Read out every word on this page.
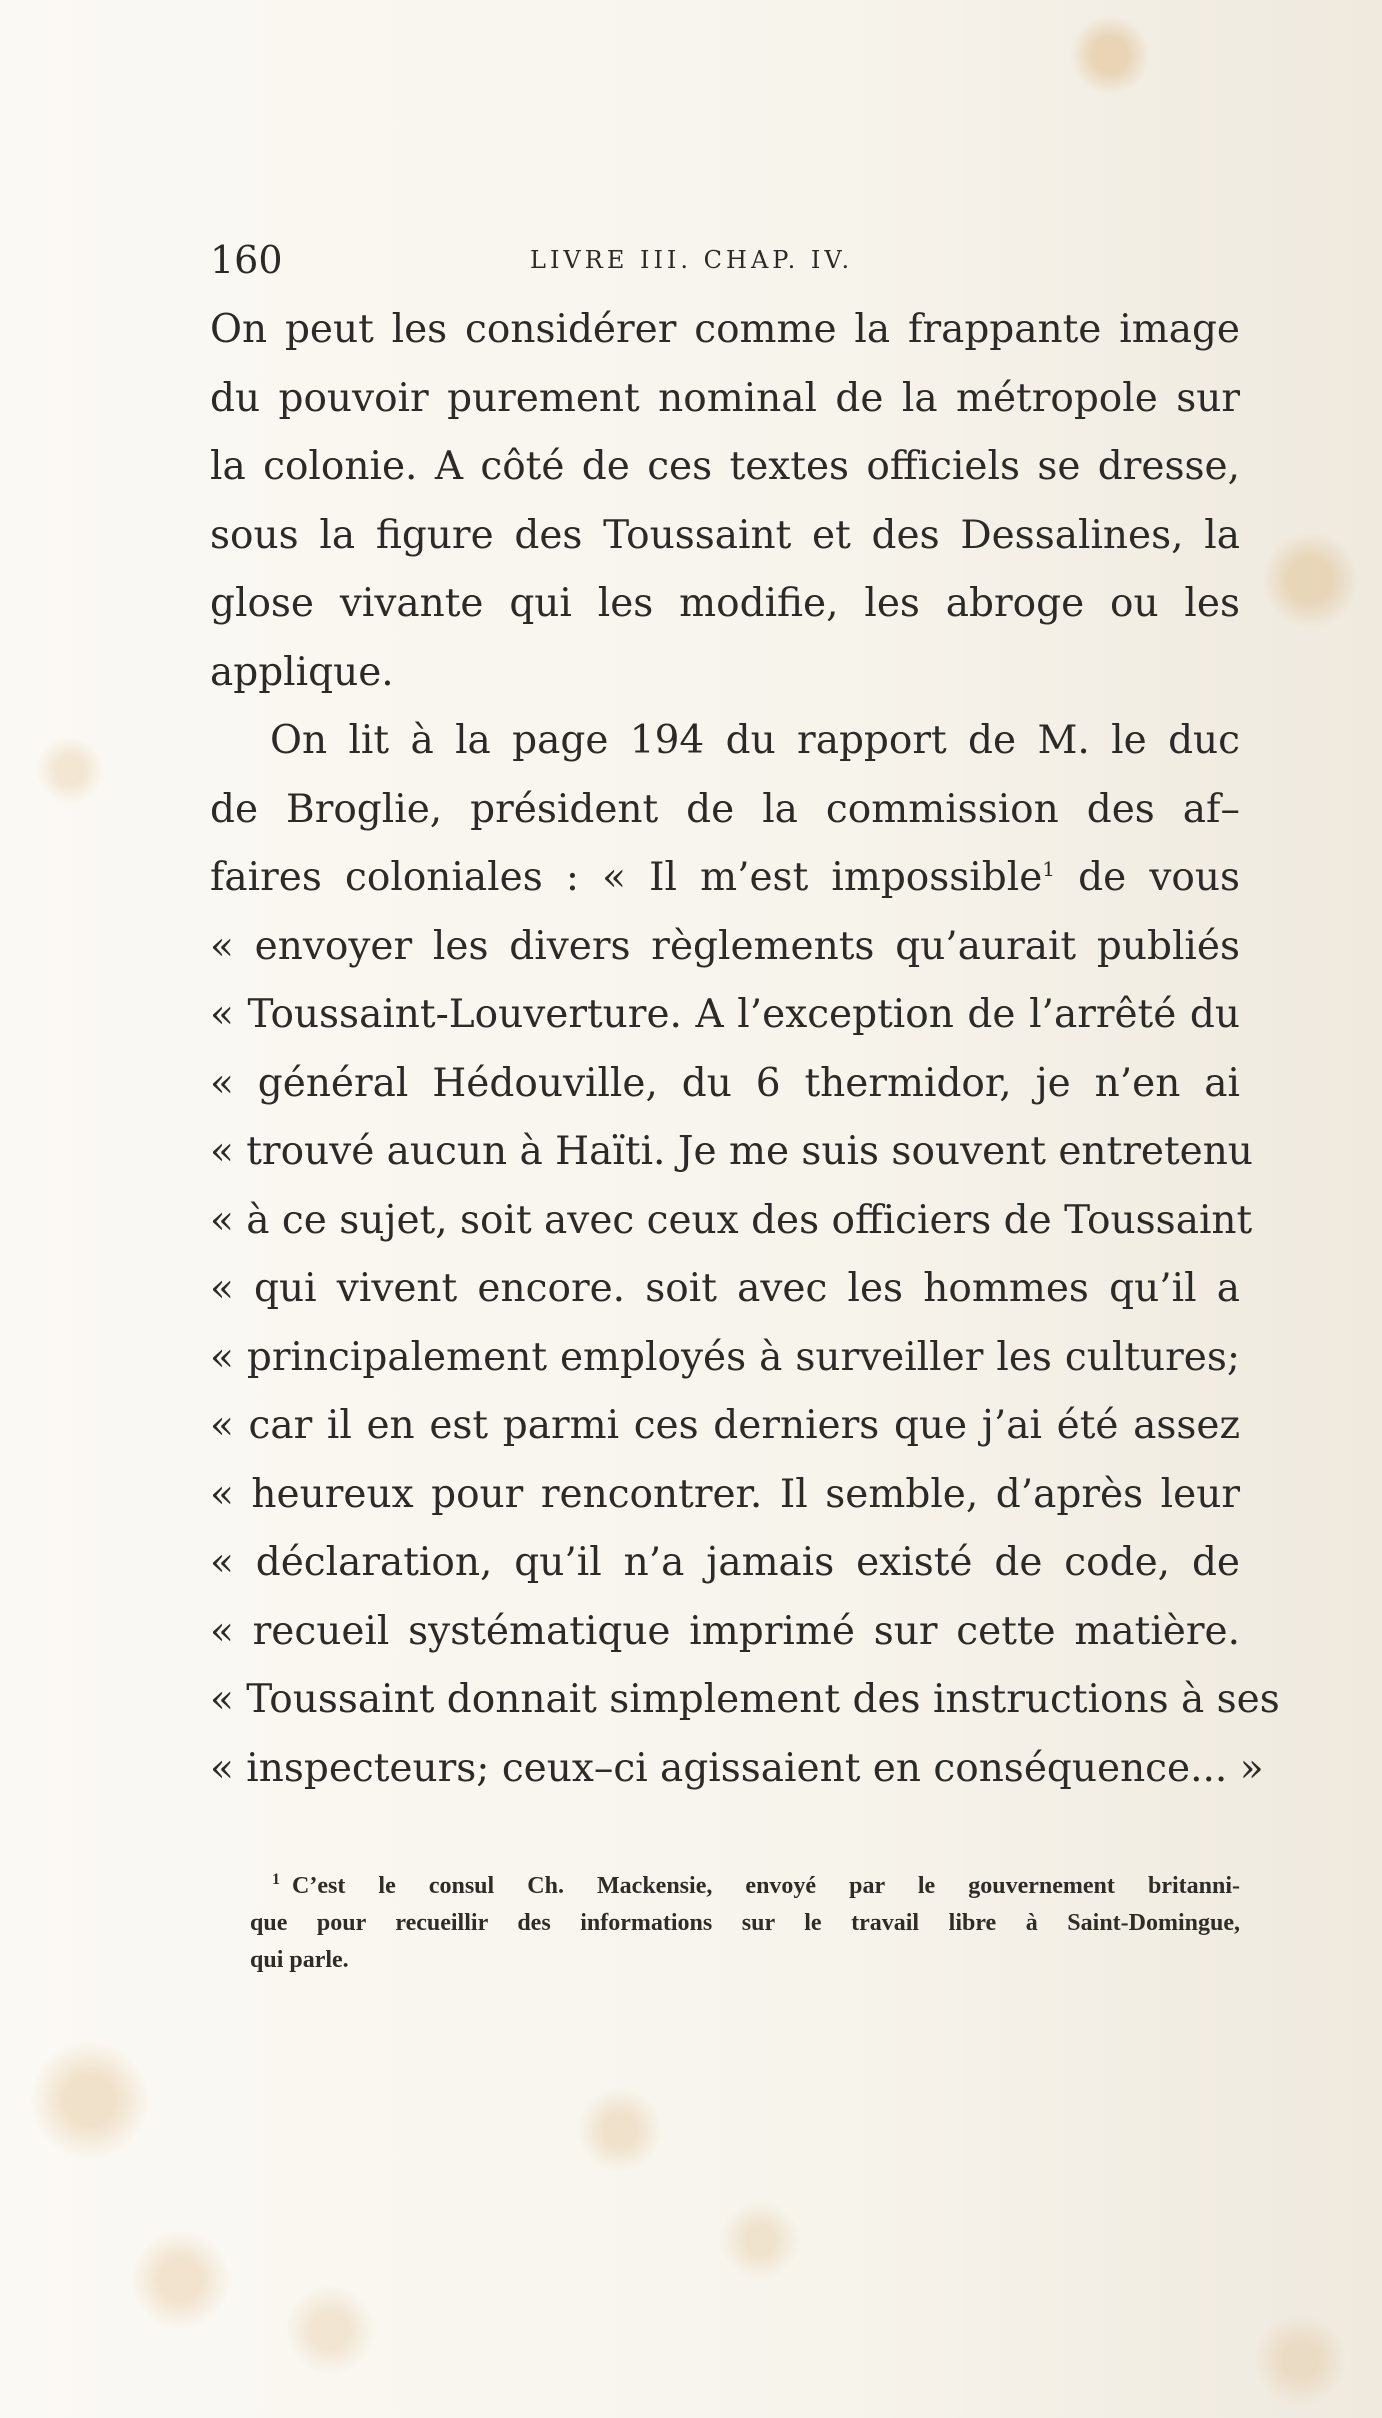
160	LIVRE III. CHAP. IV.
On peut les considérer comme la frappante image
du pouvoir purement nominal de la métropole sur
la colonie. A côté de ces textes officiels se dresse,
sous la figure des Toussaint et des Dessalines, la
glose vivante qui les modifie, les abroge ou les
applique.
On lit à la page 194 du rapport de M. le duc
de Broglie, président de la commission des af–
faires coloniales : « Il m’est impossible$^1$ de vous
« envoyer les divers règlements qu’aurait publiés
« Toussaint-Louverture. A l’exception de l’arrêté du
« général Hédouville, du 6 thermidor, je n’en ai
« trouvé aucun à Haïti. Je me suis souvent entretenu
« à ce sujet, soit avec ceux des officiers de Toussaint
« qui vivent encore. soit avec les hommes qu’il a
« principalement employés à surveiller les cultures;
« car il en est parmi ces derniers que j’ai été assez
« heureux pour rencontrer. Il semble, d’après leur
« déclaration, qu’il n’a jamais existé de code, de
« recueil systématique imprimé sur cette matière.
« Toussaint donnait simplement des instructions à ses
« inspecteurs; ceux–ci agissaient en conséquence... »
$^1$ C’est le consul Ch. Mackensie, envoyé par le gouvernement britanni-
que pour recueillir des informations sur le travail libre à Saint-Domingue,
qui parle.
